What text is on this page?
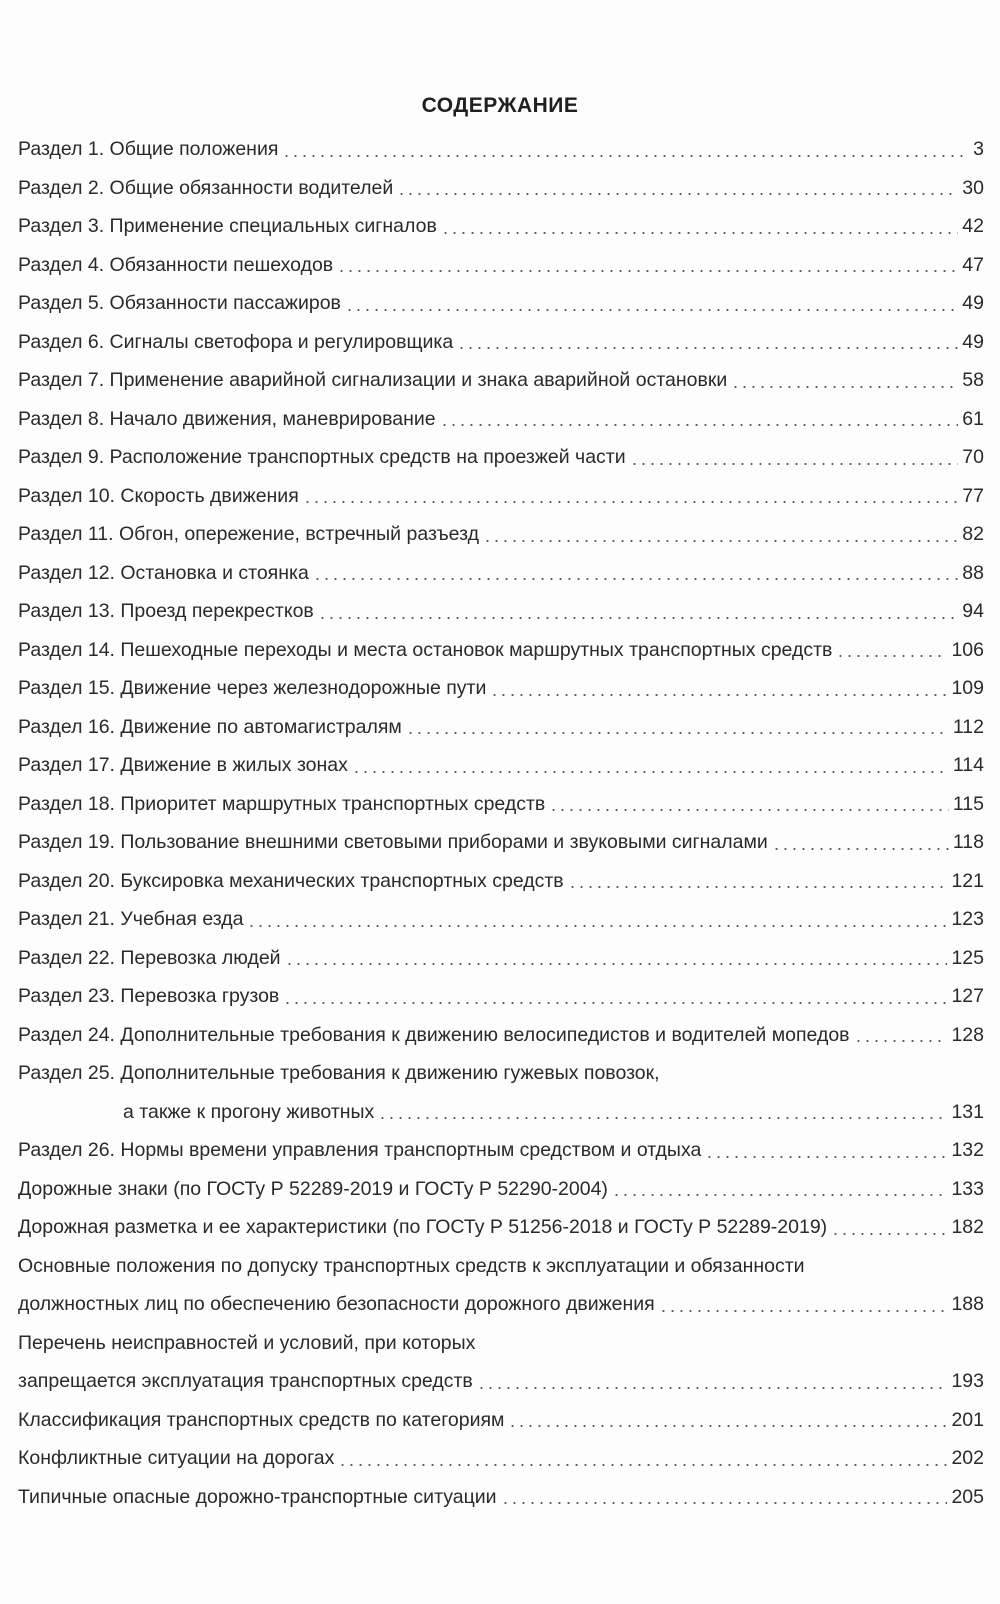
СОДЕРЖАНИЕ
Раздел 1. Общие положения	3
Раздел 2. Общие обязанности водителей	30
Раздел 3. Применение специальных сигналов	42
Раздел 4. Обязанности пешеходов	47
Раздел 5. Обязанности пассажиров	49
Раздел 6. Сигналы светофора и регулировщика	49
Раздел 7. Применение аварийной сигнализации и знака аварийной остановки	58
Раздел 8. Начало движения, маневрирование	61
Раздел 9. Расположение транспортных средств на проезжей части	70
Раздел 10. Скорость движения	77
Раздел 11. Обгон, опережение, встречный разъезд	82
Раздел 12. Остановка и стоянка	88
Раздел 13. Проезд перекрестков	94
Раздел 14. Пешеходные переходы и места остановок маршрутных транспортных средств	106
Раздел 15. Движение через железнодорожные пути	109
Раздел 16. Движение по автомагистралям	112
Раздел 17. Движение в жилых зонах	114
Раздел 18. Приоритет маршрутных транспортных средств	115
Раздел 19. Пользование внешними световыми приборами и звуковыми сигналами	118
Раздел 20. Буксировка механических транспортных средств	121
Раздел 21. Учебная езда	123
Раздел 22. Перевозка людей	125
Раздел 23. Перевозка грузов	127
Раздел 24. Дополнительные требования к движению велосипедистов и водителей мопедов	128
Раздел 25. Дополнительные требования к движению гужевых повозок,
а также к прогону животных	131
Раздел 26. Нормы времени управления транспортным средством и отдыха	132
Дорожные знаки (по ГОСТу Р 52289-2019 и ГОСТу Р 52290-2004)	133
Дорожная разметка и ее характеристики (по ГОСТу Р 51256-2018 и ГОСТу Р 52289-2019)	182
Основные положения по допуску транспортных средств к эксплуатации и обязанности
должностных лиц по обеспечению безопасности дорожного движения	188
Перечень неисправностей и условий, при которых
запрещается эксплуатация транспортных средств	193
Классификация транспортных средств по категориям	201
Конфликтные ситуации на дорогах	202
Типичные опасные дорожно-транспортные ситуации	205
